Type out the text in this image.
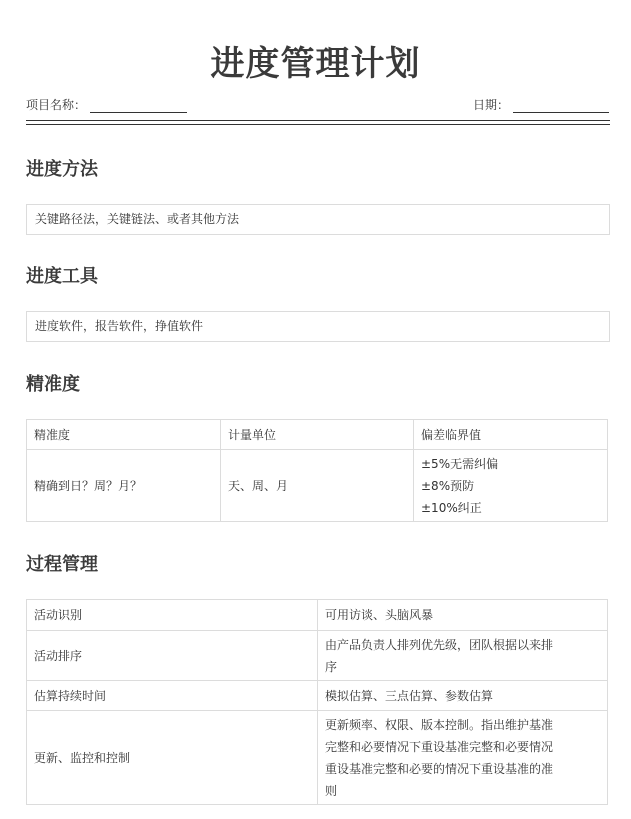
进度管理计划
项目名称：	日期：
进度方法
关键路径法，关键链法、或者其他方法
进度工具
进度软件，报告软件，挣值软件
精准度
精准度	计量单位	偏差临界值
精确到日？周？月？	天、周、月	±5%无需纠偏
±8%预防
±10%纠正
过程管理
活动识别	可用访谈、头脑风暴
活动排序	由产品负责人排列优先级，团队根据以来排
序

估算持续时间	模拟估算、三点估算、参数估算
更新、监控和控制	更新频率、权限、版本控制。指出维护基准
完整和必要情况下重设基准完整和必要情况
重设基准完整和必要的情况下重设基准的准
则
